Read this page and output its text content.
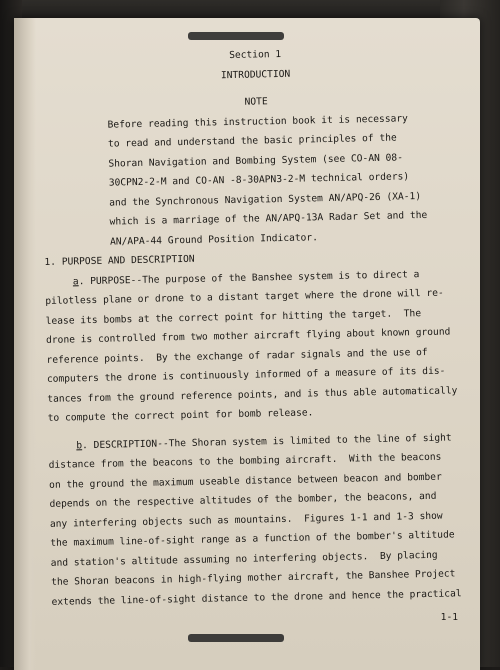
Section 1
INTRODUCTION
NOTE
Before reading this instruction book it is necessary
to read and understand the basic principles of the
Shoran Navigation and Bombing System (see CO-AN 08-
30CPN2-2-M and CO-AN -8-30APN3-2-M technical orders)
and the Synchronous Navigation System AN/APQ-26 (XA-1)
which is a marriage of the AN/APQ-13A Radar Set and the
AN/APA-44 Ground Position Indicator.
1. PURPOSE AND DESCRIPTION
a. PURPOSE--The purpose of the Banshee system is to direct a
pilotless plane or drone to a distant target where the drone will re-
lease its bombs at the correct point for hitting the target.  The
drone is controlled from two mother aircraft flying about known ground
reference points.  By the exchange of radar signals and the use of
computers the drone is continuously informed of a measure of its dis-
tances from the ground reference points, and is thus able automatically
to compute the correct point for bomb release.
b. DESCRIPTION--The Shoran system is limited to the line of sight
distance from the beacons to the bombing aircraft.  With the beacons
on the ground the maximum useable distance between beacon and bomber
depends on the respective altitudes of the bomber, the beacons, and
any interfering objects such as mountains.  Figures 1-1 and 1-3 show
the maximum line-of-sight range as a function of the bomber's altitude
and station's altitude assuming no interfering objects.  By placing
the Shoran beacons in high-flying mother aircraft, the Banshee Project
extends the line-of-sight distance to the drone and hence the practical
1-1
